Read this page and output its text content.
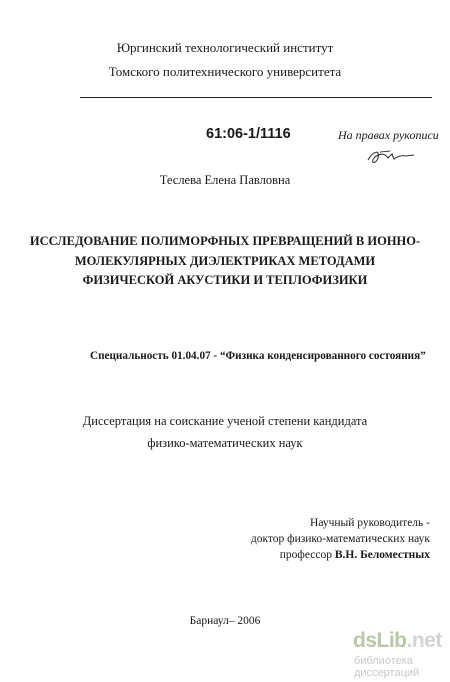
Юргинский технологический институт
Томского политехнического университета
61:06-1/1116	На правах рукописи
Теслева Елена Павловна
ИССЛЕДОВАНИЕ ПОЛИМОРФНЫХ ПРЕВРАЩЕНИЙ В ИОННО-
МОЛЕКУЛЯРНЫХ ДИЭЛЕКТРИКАХ МЕТОДАМИ
ФИЗИЧЕСКОЙ АКУСТИКИ И ТЕПЛОФИЗИКИ
Специальность 01.04.07 - “Физика конденсированного состояния”
Диссертация на соискание ученой степени кандидата
физико-математических наук
Научный руководитель -
доктор физико-математических наук
профессор В.Н. Беломестных
Барнаул– 2006
dsLib.net
библиотека диссертаций
